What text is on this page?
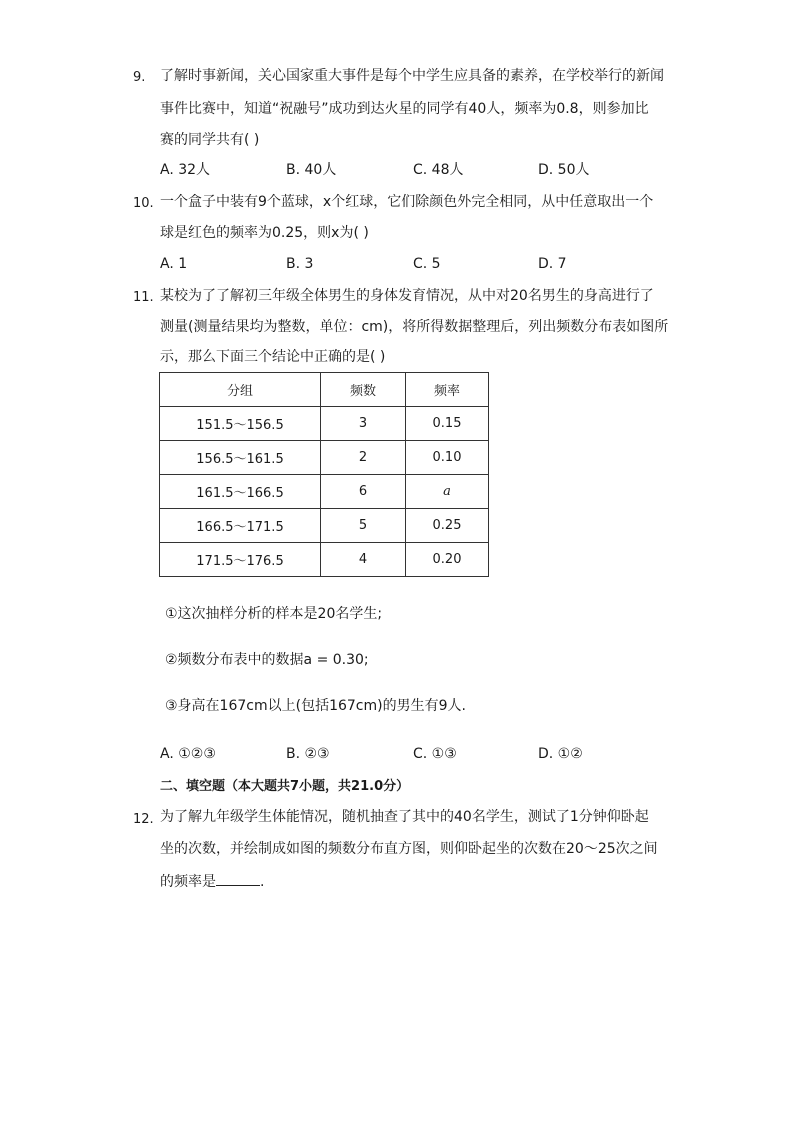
9. 了解时事新闻，关心国家重大事件是每个中学生应具备的素养，在学校举行的新闻
事件比赛中，知道“祝融号”成功到达火星的同学有40人，频率为0.8，则参加比
赛的同学共有( )
A. 32人	B. 40人	C. 48人	D. 50人
10. 一个盒子中装有9个蓝球，x个红球，它们除颜色外完全相同，从中任意取出一个
球是红色的频率为0.25，则x为( )
A. 1	B. 3	C. 5	D. 7
11. 某校为了了解初三年级全体男生的身体发育情况，从中对20名男生的身高进行了
测量(测量结果均为整数，单位：cm)，将所得数据整理后，列出频数分布表如图所
示，那么下面三个结论中正确的是( )
分组	频数	频率
151.5～156.5	3	0.15
156.5～161.5	2	0.10
161.5～166.5	6	a
166.5～171.5	5	0.25
171.5～176.5	4	0.20
①这次抽样分析的样本是20名学生;
②频数分布表中的数据a = 0.30;
③身高在167cm以上(包括167cm)的男生有9人.
A. ①②③	B. ②③	C. ①③	D. ①②
二、填空题（本大题共7小题，共21.0分）
12. 为了解九年级学生体能情况，随机抽查了其中的40名学生，测试了1分钟仰卧起
坐的次数，并绘制成如图的频数分布直方图，则仰卧起坐的次数在20～25次之间
的频率是	.
